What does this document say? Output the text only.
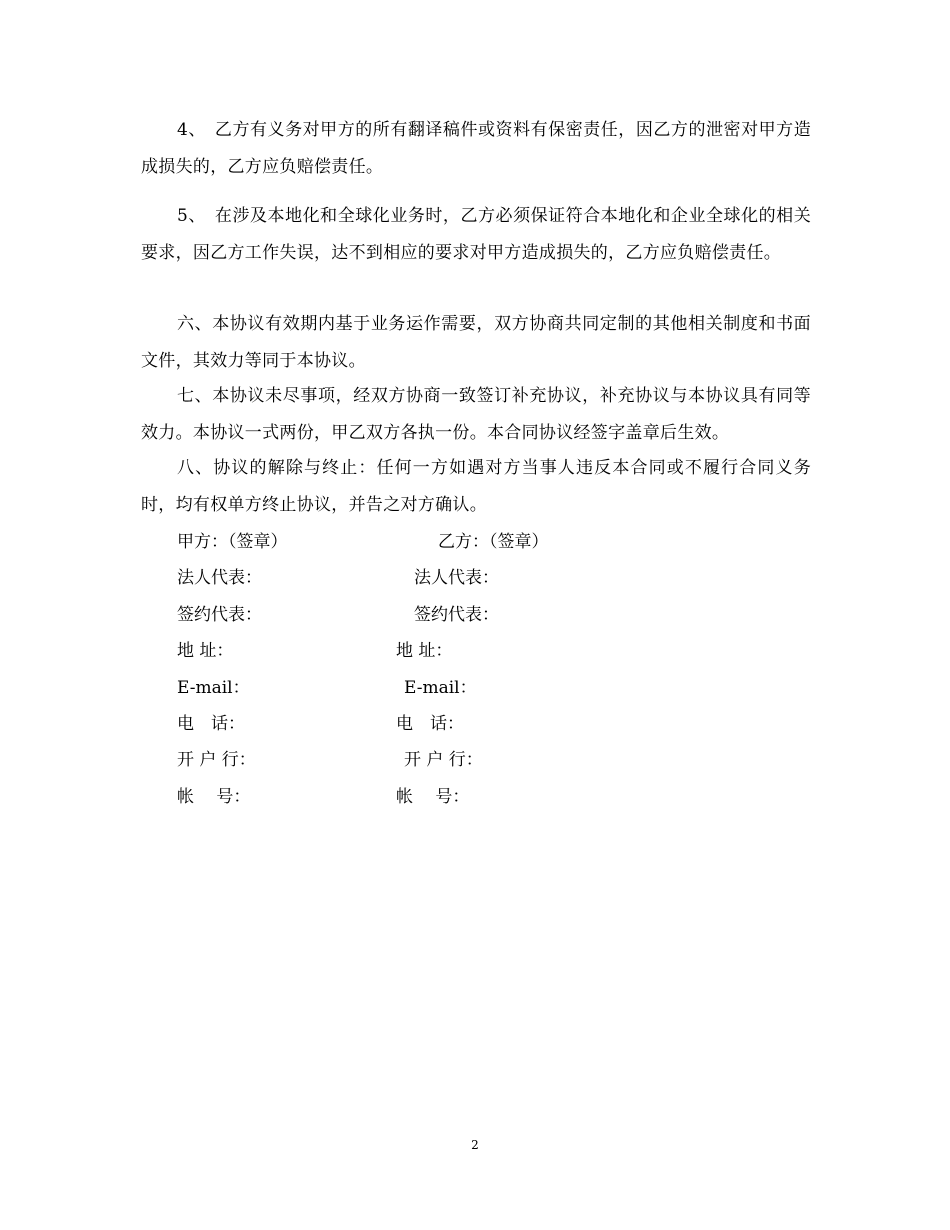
4、　乙方有义务对甲方的所有翻译稿件或资料有保密责任，因乙方的泄密对甲方造成损失的，乙方应负赔偿责任。

5、　在涉及本地化和全球化业务时，乙方必须保证符合本地化和企业全球化的相关要求，因乙方工作失误，达不到相应的要求对甲方造成损失的，乙方应负赔偿责任。

六、本协议有效期内基于业务运作需要，双方协商共同定制的其他相关制度和书面文件，其效力等同于本协议。

七、本协议未尽事项，经双方协商一致签订补充协议，补充协议与本协议具有同等效力。本协议一式两份，甲乙双方各执一份。本合同协议经签字盖章后生效。

八、协议的解除与终止：任何一方如遇对方当事人违反本合同或不履行合同义务时，均有权单方终止协议，并告之对方确认。

甲方：（签章）	乙方：（签章）
法人代表：	法人代表：
签约代表：	签约代表：
地 址：	地 址：
E-mail：	E-mail：
电　话：	电　话：
开 户 行：	开 户 行：
帐　 号：	帐　 号：
2
